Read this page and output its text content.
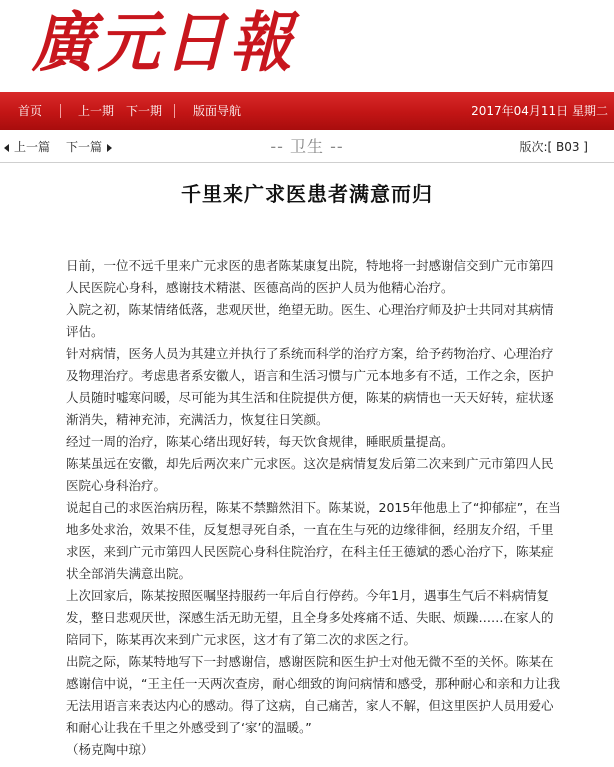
廣元日報
首页	上一期 下一期	版面导航	2017年04月11日 星期二
上一篇 下一篇	-- 卫生 --	版次:[ B03 ]
千里来广求医患者满意而归

日前，一位不远千里来广元求医的患者陈某康复出院，特地将一封感谢信交到广元市第四人民医院心身科，感谢技术精湛、医德高尚的医护人员为他精心治疗。

入院之初，陈某情绪低落，悲观厌世，绝望无助。医生、心理治疗师及护士共同对其病情评估。

针对病情，医务人员为其建立并执行了系统而科学的治疗方案，给予药物治疗、心理治疗及物理治疗。考虑患者系安徽人，语言和生活习惯与广元本地多有不适，工作之余，医护人员随时嘘寒问暖，尽可能为其生活和住院提供方便，陈某的病情也一天天好转，症状逐渐消失，精神充沛，充满活力，恢复往日笑颜。

经过一周的治疗，陈某心绪出现好转，每天饮食规律，睡眠质量提高。

陈某虽远在安徽，却先后两次来广元求医。这次是病情复发后第二次来到广元市第四人民医院心身科治疗。

说起自己的求医治病历程，陈某不禁黯然泪下。陈某说，2015年他患上了“抑郁症”，在当地多处求治，效果不佳，反复想寻死自杀，一直在生与死的边缘徘徊，经朋友介绍，千里求医，来到广元市第四人民医院心身科住院治疗，在科主任王德斌的悉心治疗下，陈某症状全部消失满意出院。

上次回家后，陈某按照医嘱坚持服药一年后自行停药。今年1月，遇事生气后不料病情复发，整日悲观厌世，深感生活无助无望，且全身多处疼痛不适、失眠、烦躁……在家人的陪同下，陈某再次来到广元求医，这才有了第二次的求医之行。

出院之际，陈某特地写下一封感谢信，感谢医院和医生护士对他无微不至的关怀。陈某在感谢信中说，“王主任一天两次查房，耐心细致的询问病情和感受，那种耐心和亲和力让我无法用语言来表达内心的感动。得了这病，自己痛苦，家人不解，但这里医护人员用爱心和耐心让我在千里之外感受到了‘家’的温暖。”

（杨克陶中琼）
